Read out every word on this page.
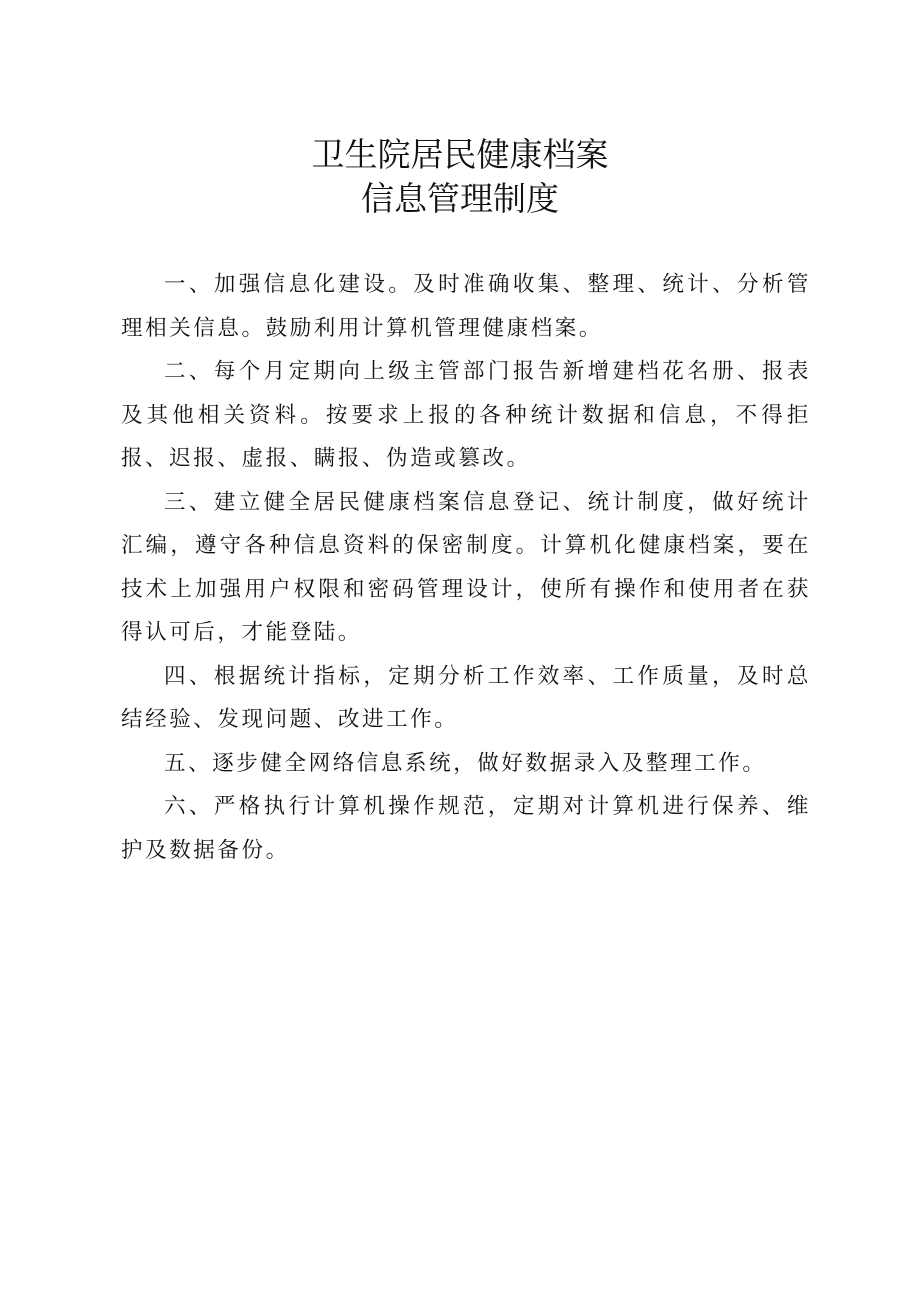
卫生院居民健康档案
信息管理制度

一、加强信息化建设。及时准确收集、整理、统计、分析管理相关信息。鼓励利用计算机管理健康档案。

二、每个月定期向上级主管部门报告新增建档花名册、报表及其他相关资料。按要求上报的各种统计数据和信息，不得拒报、迟报、虚报、瞒报、伪造或篡改。

三、建立健全居民健康档案信息登记、统计制度，做好统计汇编，遵守各种信息资料的保密制度。计算机化健康档案，要在技术上加强用户权限和密码管理设计，使所有操作和使用者在获得认可后，才能登陆。

四、根据统计指标，定期分析工作效率、工作质量，及时总结经验、发现问题、改进工作。

五、逐步健全网络信息系统，做好数据录入及整理工作。

六、严格执行计算机操作规范，定期对计算机进行保养、维护及数据备份。
